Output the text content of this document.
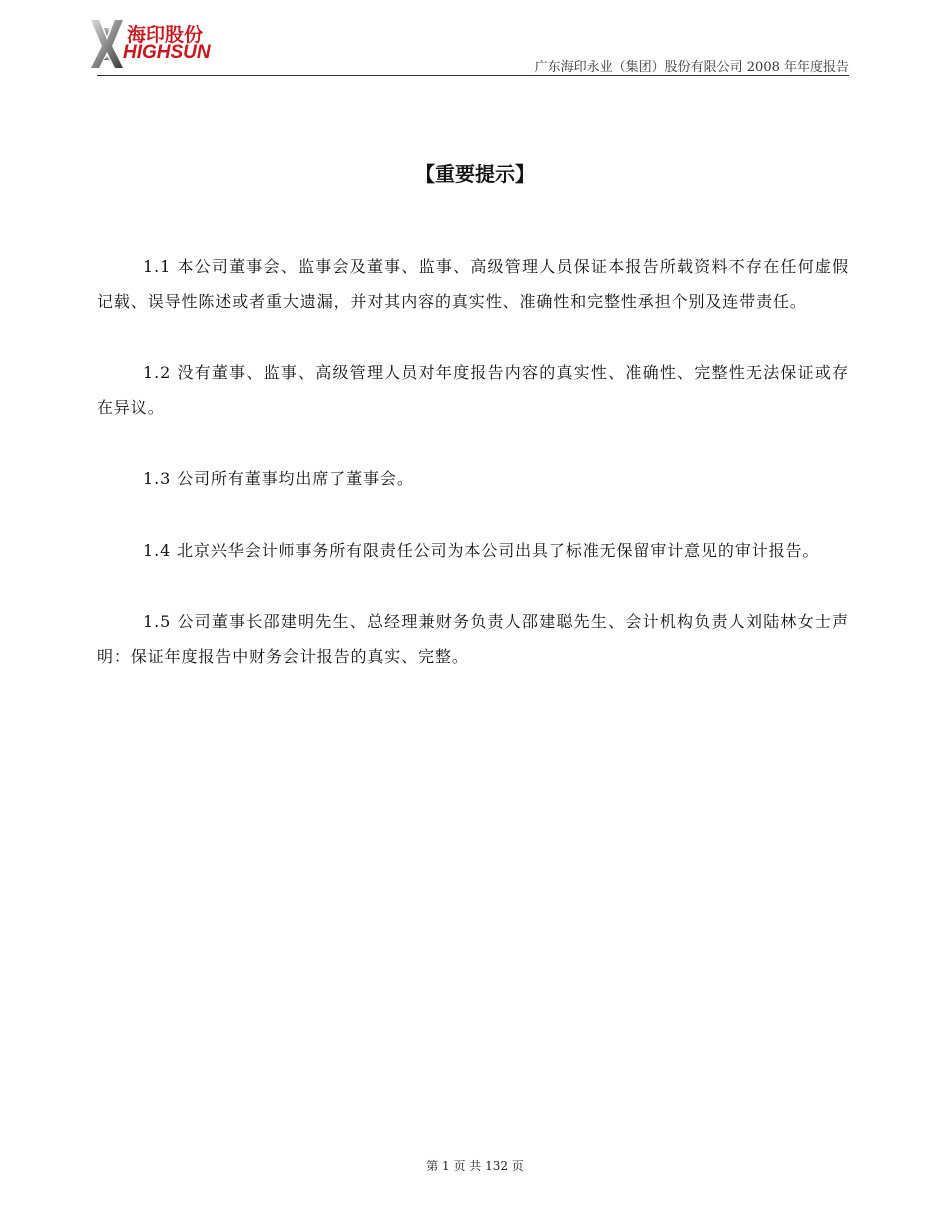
海印股份
HIGHSUN
广东海印永业（集团）股份有限公司 2008 年年度报告
【重要提示】

1.1 本公司董事会、监事会及董事、监事、高级管理人员保证本报告所载资料不存在任何虚假记载、误导性陈述或者重大遗漏，并对其内容的真实性、准确性和完整性承担个别及连带责任。

1.2 没有董事、监事、高级管理人员对年度报告内容的真实性、准确性、完整性无法保证或存在异议。

1.3 公司所有董事均出席了董事会。

1.4 北京兴华会计师事务所有限责任公司为本公司出具了标准无保留审计意见的审计报告。

1.5 公司董事长邵建明先生、总经理兼财务负责人邵建聪先生、会计机构负责人刘陆林女士声明：保证年度报告中财务会计报告的真实、完整。

第 1 页 共 132 页
